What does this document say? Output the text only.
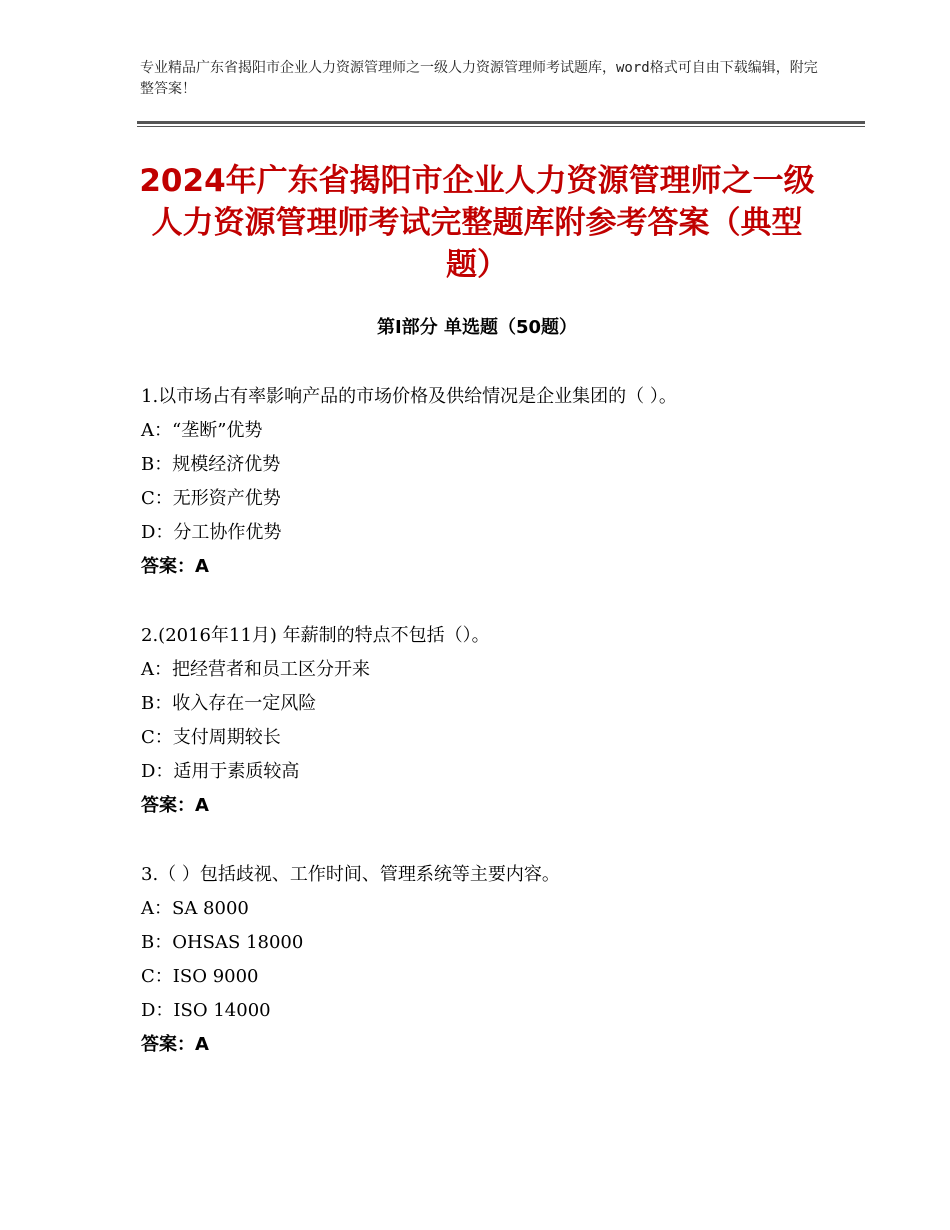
专业精品广东省揭阳市企业人力资源管理师之一级人力资源管理师考试题库，word格式可自由下载编辑，附完整答案！
2024年广东省揭阳市企业人力资源管理师之一级人力资源管理师考试完整题库附参考答案（典型题）
第Ⅰ部分 单选题（50题）
1.以市场占有率影响产品的市场价格及供给情况是企业集团的（ ）。
A：“垄断”优势
B：规模经济优势
C：无形资产优势
D：分工协作优势
答案：A
2.(2016年11月) 年薪制的特点不包括（）。
A：把经营者和员工区分开来
B：收入存在一定风险
C：支付周期较长
D：适用于素质较高
答案：A
3.（ ）包括歧视、工作时间、管理系统等主要内容。
A：SA 8000
B：OHSAS 18000
C：ISO 9000
D：ISO 14000
答案：A
